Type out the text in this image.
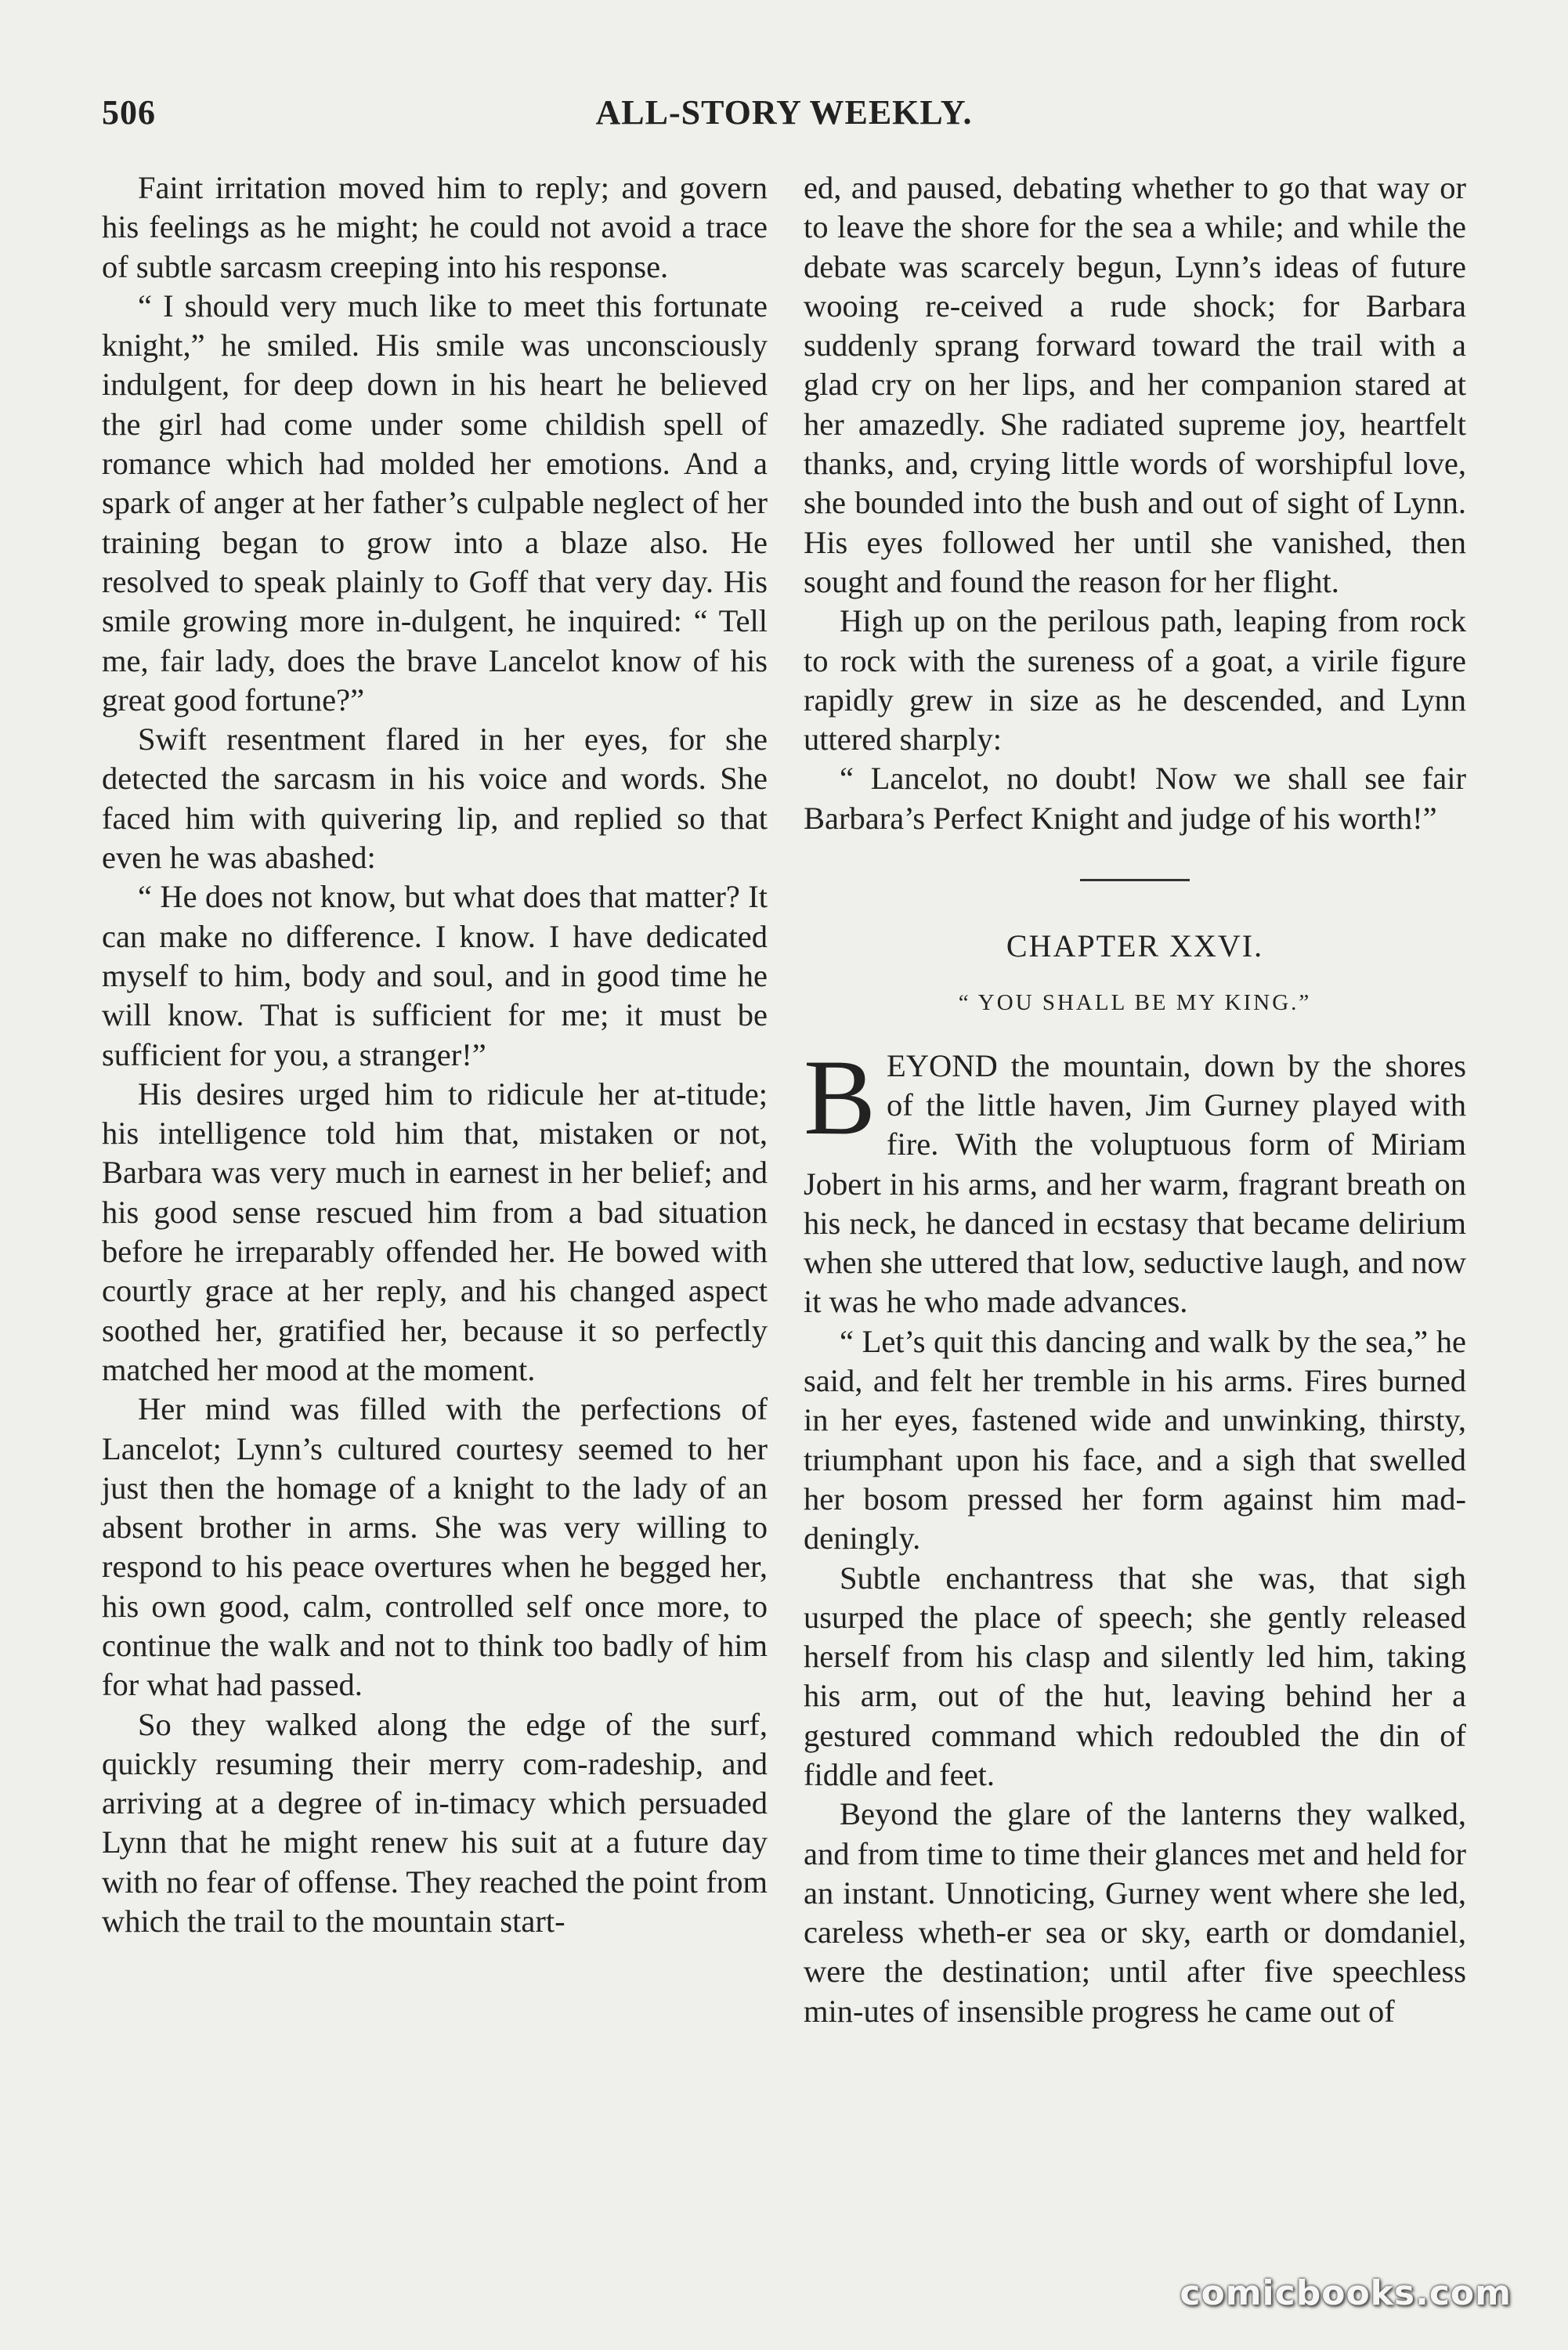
506	ALL-STORY WEEKLY.

Faint irritation moved him to reply; and govern his feelings as he might; he could not avoid a trace of subtle sarcasm creeping into his response.

“ I should very much like to meet this fortunate knight,” he smiled. His smile was unconsciously indulgent, for deep down in his heart he believed the girl had come under some childish spell of romance which had molded her emotions. And a spark of anger at her father’s culpable neglect of her training began to grow into a blaze also. He resolved to speak plainly to Goff that very day. His smile growing more in-dulgent, he inquired: “ Tell me, fair lady, does the brave Lancelot know of his great good fortune?”

Swift resentment flared in her eyes, for she detected the sarcasm in his voice and words. She faced him with quivering lip, and replied so that even he was abashed:

“ He does not know, but what does that matter? It can make no difference. I know. I have dedicated myself to him, body and soul, and in good time he will know. That is sufficient for me; it must be sufficient for you, a stranger!”

His desires urged him to ridicule her at-titude; his intelligence told him that, mistaken or not, Barbara was very much in earnest in her belief; and his good sense rescued him from a bad situation before he irreparably offended her. He bowed with courtly grace at her reply, and his changed aspect soothed her, gratified her, because it so perfectly matched her mood at the moment.

Her mind was filled with the perfections of Lancelot; Lynn’s cultured courtesy seemed to her just then the homage of a knight to the lady of an absent brother in arms. She was very willing to respond to his peace overtures when he begged her, his own good, calm, controlled self once more, to continue the walk and not to think too badly of him for what had passed.

So they walked along the edge of the surf, quickly resuming their merry com-radeship, and arriving at a degree of in-timacy which persuaded Lynn that he might renew his suit at a future day with no fear of offense. They reached the point from which the trail to the mountain start-

ed, and paused, debating whether to go that way or to leave the shore for the sea a while; and while the debate was scarcely begun, Lynn’s ideas of future wooing re-ceived a rude shock; for Barbara suddenly sprang forward toward the trail with a glad cry on her lips, and her companion stared at her amazedly. She radiated supreme joy, heartfelt thanks, and, crying little words of worshipful love, she bounded into the bush and out of sight of Lynn. His eyes followed her until she vanished, then sought and found the reason for her flight.

High up on the perilous path, leaping from rock to rock with the sureness of a goat, a virile figure rapidly grew in size as he descended, and Lynn uttered sharply:

“ Lancelot, no doubt! Now we shall see fair Barbara’s Perfect Knight and judge of his worth!”

CHAPTER XXVI.
“ YOU SHALL BE MY KING.”

BEYOND the mountain, down by the shores of the little haven, Jim Gurney played with fire. With the voluptuous form of Miriam Jobert in his arms, and her warm, fragrant breath on his neck, he danced in ecstasy that became delirium when she uttered that low, seductive laugh, and now it was he who made advances.

“ Let’s quit this dancing and walk by the sea,” he said, and felt her tremble in his arms. Fires burned in her eyes, fastened wide and unwinking, thirsty, triumphant upon his face, and a sigh that swelled her bosom pressed her form against him mad-deningly.

Subtle enchantress that she was, that sigh usurped the place of speech; she gently released herself from his clasp and silently led him, taking his arm, out of the hut, leaving behind her a gestured command which redoubled the din of fiddle and feet.

Beyond the glare of the lanterns they walked, and from time to time their glances met and held for an instant. Unnoticing, Gurney went where she led, careless wheth-er sea or sky, earth or domdaniel, were the destination; until after five speechless min-utes of insensible progress he came out of

comicbooks.com
